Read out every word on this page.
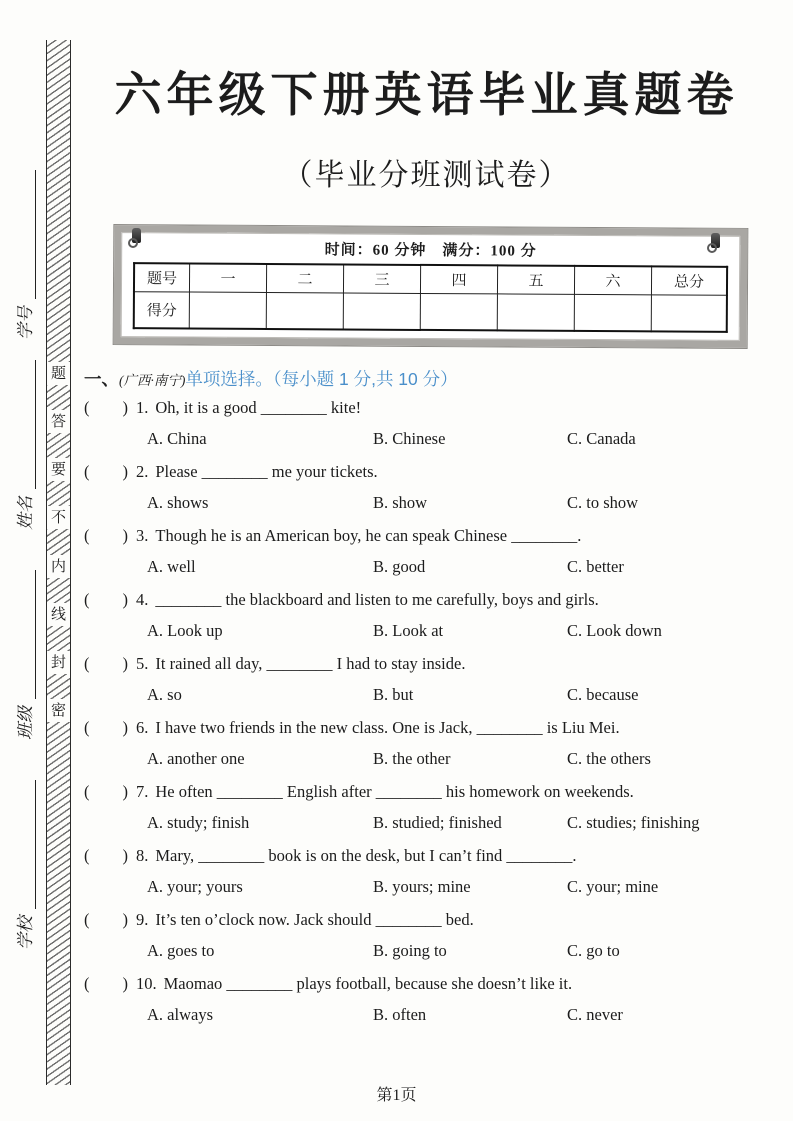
学号
姓名
班级
学校
密
封
线
内
不
要
答
题
六年级下册英语毕业真题卷
（毕业分班测试卷）
时间：60 分钟　满分：100 分
题号	一	二	三	四	五	六	总分
得分							
一、(广西·南宁)单项选择。（每小题 1 分,共 10 分）
(　　) 1. Oh, it is a good ________ kite!
A. China	B. Chinese	C. Canada
(　　) 2. Please ________ me your tickets.
A. shows	B. show	C. to show
(　　) 3. Though he is an American boy, he can speak Chinese ________.
A. well	B. good	C. better
(　　) 4. ________ the blackboard and listen to me carefully, boys and girls.
A. Look up	B. Look at	C. Look down
(　　) 5. It rained all day, ________ I had to stay inside.
A. so	B. but	C. because
(　　) 6. I have two friends in the new class. One is Jack, ________ is Liu Mei.
A. another one	B. the other	C. the others
(　　) 7. He often ________ English after ________ his homework on weekends.
A. study; finish	B. studied; finished	C. studies; finishing
(　　) 8. Mary, ________ book is on the desk, but I can’t find ________.
A. your; yours	B. yours; mine	C. your; mine
(　　) 9. It’s ten o’clock now. Jack should ________ bed.
A. goes to	B. going to	C. go to
(　　) 10. Maomao ________ plays football, because she doesn’t like it.
A. always	B. often	C. never
第1页
